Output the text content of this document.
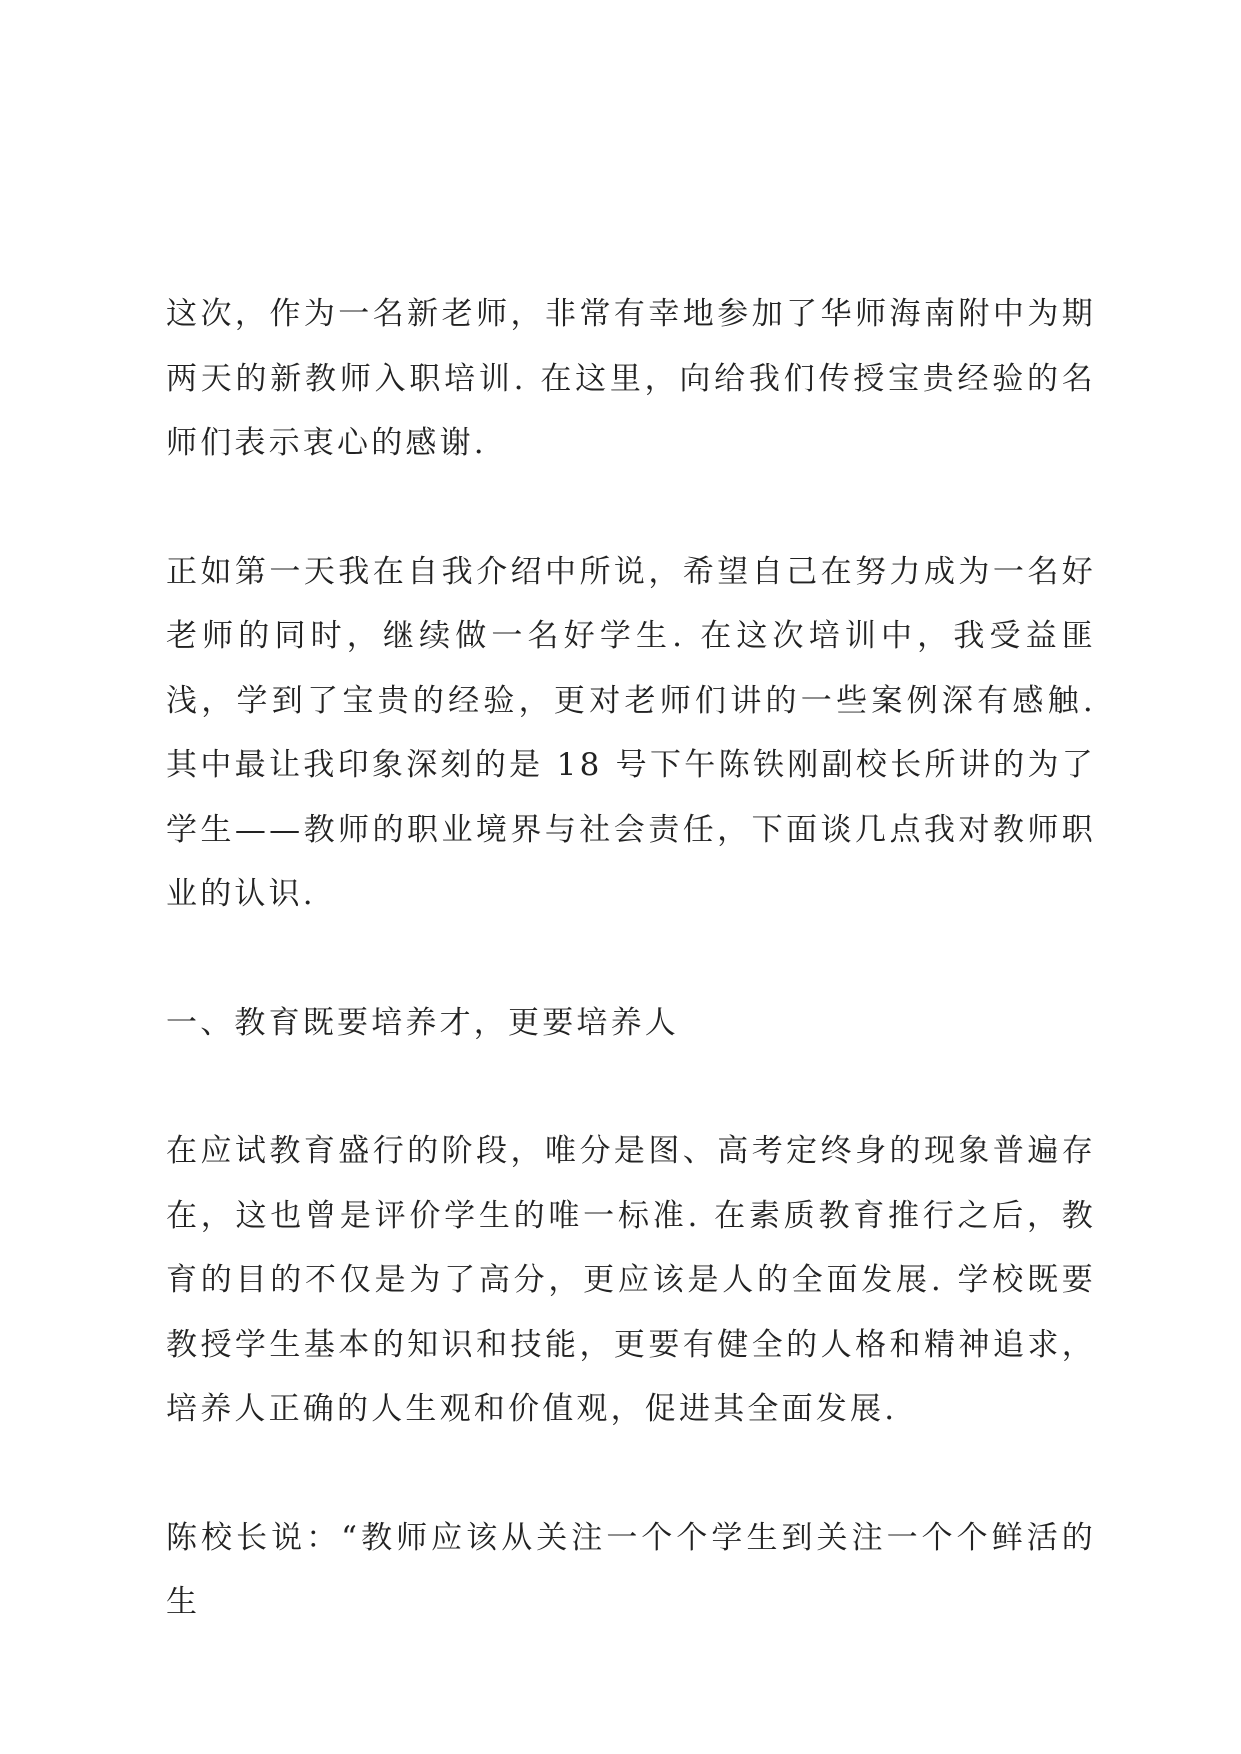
这次，作为一名新老师，非常有幸地参加了华师海南附中为期两天的新教师入职培训. 在这里，向给我们传授宝贵经验的名师们表示衷心的感谢.

正如第一天我在自我介绍中所说，希望自己在努力成为一名好老师的同时，继续做一名好学生. 在这次培训中，我受益匪浅，学到了宝贵的经验，更对老师们讲的一些案例深有感触. 其中最让我印象深刻的是 18 号下午陈铁刚副校长所讲的为了学生——教师的职业境界与社会责任，下面谈几点我对教师职业的认识.

一、教育既要培养才，更要培养人

在应试教育盛行的阶段，唯分是图、高考定终身的现象普遍存在，这也曾是评价学生的唯一标准. 在素质教育推行之后，教育的目的不仅是为了高分，更应该是人的全面发展. 学校既要教授学生基本的知识和技能，更要有健全的人格和精神追求，培养人正确的人生观和价值观，促进其全面发展.

陈校长说：“教师应该从关注一个个学生到关注一个个鲜活的生
